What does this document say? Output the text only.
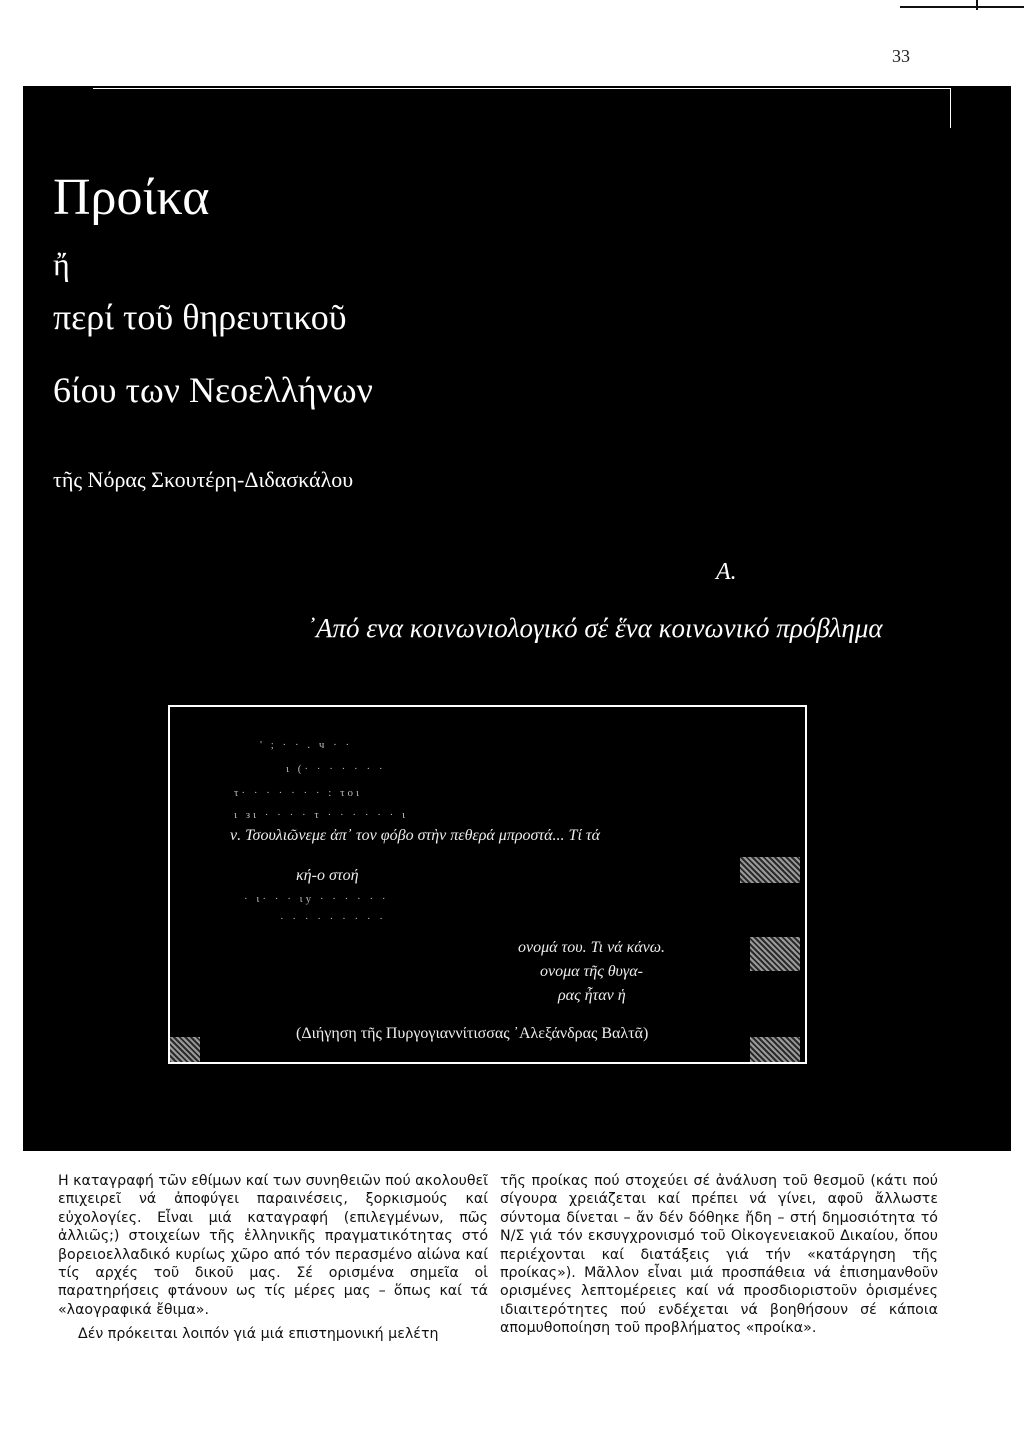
33
Προίκα
ἤ
περί τοῦ θηρευτικοῦ
6ίου των Νεοελλήνων
τῆς Νόρας Σκουτέρη-Διδασκάλου
Α.
᾿Από ενα κοινωνιολογικό σέ ἕνα κοινωνικό πρόβλημα
' ; · · . ч · ·
ι (· · · · · · ·
τ· · · · · · · : τοι
ι зι · · · · τ · · · · · · ι
ν. Τσουλιῶνεμε ἀπ᾿ τον φόβο στὴν πεθερά μπροστά... Τί τά
κή-ο στοή
· ι· · · ιу · · · · · ·
· · · · · · · · ·
ονομά του. Τι νά κάνω.
ονομα τῆς θυγα-
ρας ἦταν ἡ
(Διήγηση τῆς Πυργογιαννίτισσας ᾿Αλεξάνδρας Βαλτᾶ)

Η καταγραφή τῶν εθίμων καί των συνηθειῶν πού ακολουθεῖ επιχειρεῖ νά ἀποφύγει παραινέσεις, ξορκισμούς καί εὐχολογίες. Εἶναι μιά καταγραφή (επιλεγμένων, πῶς ἀλλιῶς;) στοιχείων τῆς ἑλληνικῆς πραγματικότητας στό βορειοελλαδικό κυρίως χῶρο από τόν περασμένο αἰώνα καί τίς αρχές τοῦ δικοῦ μας. Σέ ορισμένα σημεῖα οἱ παρατηρήσεις φτάνουν ως τίς μέρες μας – ὅπως καί τά «λαογραφικά ἔθιμα».

Δέν πρόκειται λοιπόν γιά μιά επιστημονική μελέτη

τῆς προίκας πού στοχεύει σέ ἀνάλυση τοῦ θεσμοῦ (κάτι πού σίγουρα χρειάζεται καί πρέπει νά γίνει, αφοῦ ἄλλωστε σύντομα δίνεται – ἄν δέν δόθηκε ἤδη – στή δημοσιότητα τό Ν/Σ γιά τόν εκσυγχρονισμό τοῦ Οἰκογενειακοῦ Δικαίου, ὅπου περιέχονται καί διατάξεις γιά τήν «κατάργηση τῆς προίκας»). Μᾶλλον εἶναι μιά προσπάθεια νά ἐπισημανθοῦν ορισμένες λεπτομέρειες καί νά προσδιοριστοῦν ὁρισμένες ιδιαιτερότητες πού ενδέχεται νά βοηθήσουν σέ κάποια απομυθοποίηση τοῦ προβλήματος «προίκα».
